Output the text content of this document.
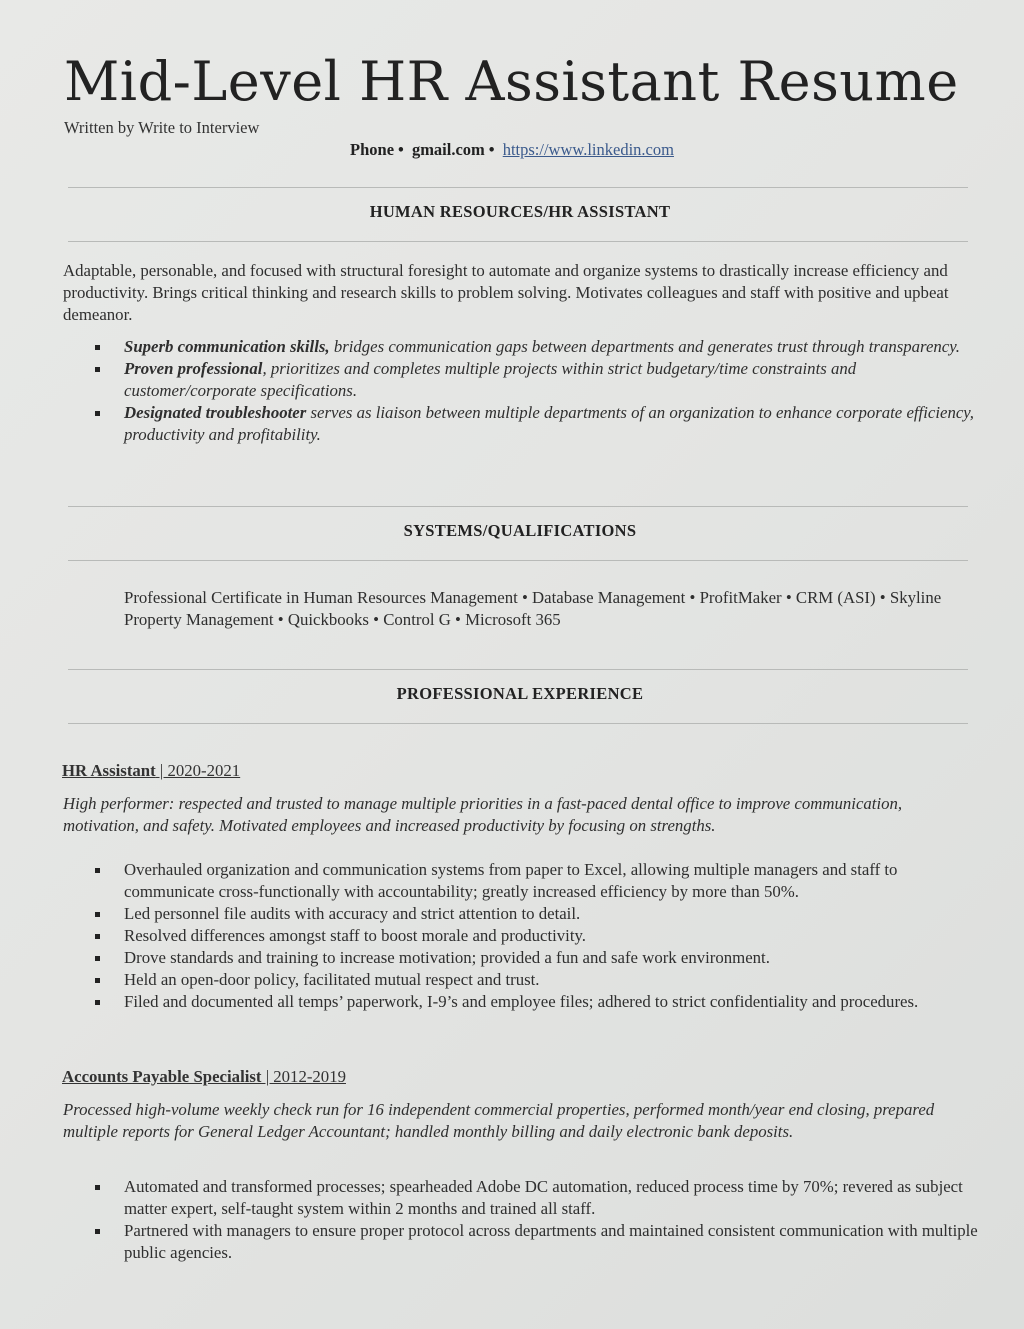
Mid-Level HR Assistant Resume
Written by Write to Interview
Phone • gmail.com • https://www.linkedin.com
HUMAN RESOURCES/HR ASSISTANT

Adaptable, personable, and focused with structural foresight to automate and organize systems to drastically increase efficiency and productivity. Brings critical thinking and research skills to problem solving. Motivates colleagues and staff with positive and upbeat demeanor.

Superb communication skills, bridges communication gaps between departments and generates trust through transparency.
Proven professional, prioritizes and completes multiple projects within strict budgetary/time constraints and customer/corporate specifications.
Designated troubleshooter serves as liaison between multiple departments of an organization to enhance corporate efficiency, productivity and profitability.
SYSTEMS/QUALIFICATIONS
Professional Certificate in Human Resources Management • Database Management • ProfitMaker • CRM (ASI) • Skyline Property Management • Quickbooks • Control G • Microsoft 365
PROFESSIONAL EXPERIENCE
HR Assistant | 2020-2021

High performer: respected and trusted to manage multiple priorities in a fast-paced dental office to improve communication, motivation, and safety. Motivated employees and increased productivity by focusing on strengths.

Overhauled organization and communication systems from paper to Excel, allowing multiple managers and staff to communicate cross-functionally with accountability; greatly increased efficiency by more than 50%.
Led personnel file audits with accuracy and strict attention to detail.
Resolved differences amongst staff to boost morale and productivity.
Drove standards and training to increase motivation; provided a fun and safe work environment.
Held an open-door policy, facilitated mutual respect and trust.
Filed and documented all temps’ paperwork, I-9’s and employee files; adhered to strict confidentiality and procedures.
Accounts Payable Specialist | 2012-2019

Processed high-volume weekly check run for 16 independent commercial properties, performed month/year end closing, prepared multiple reports for General Ledger Accountant; handled monthly billing and daily electronic bank deposits.

Automated and transformed processes; spearheaded Adobe DC automation, reduced process time by 70%; revered as subject matter expert, self-taught system within 2 months and trained all staff.
Partnered with managers to ensure proper protocol across departments and maintained consistent communication with multiple public agencies.
